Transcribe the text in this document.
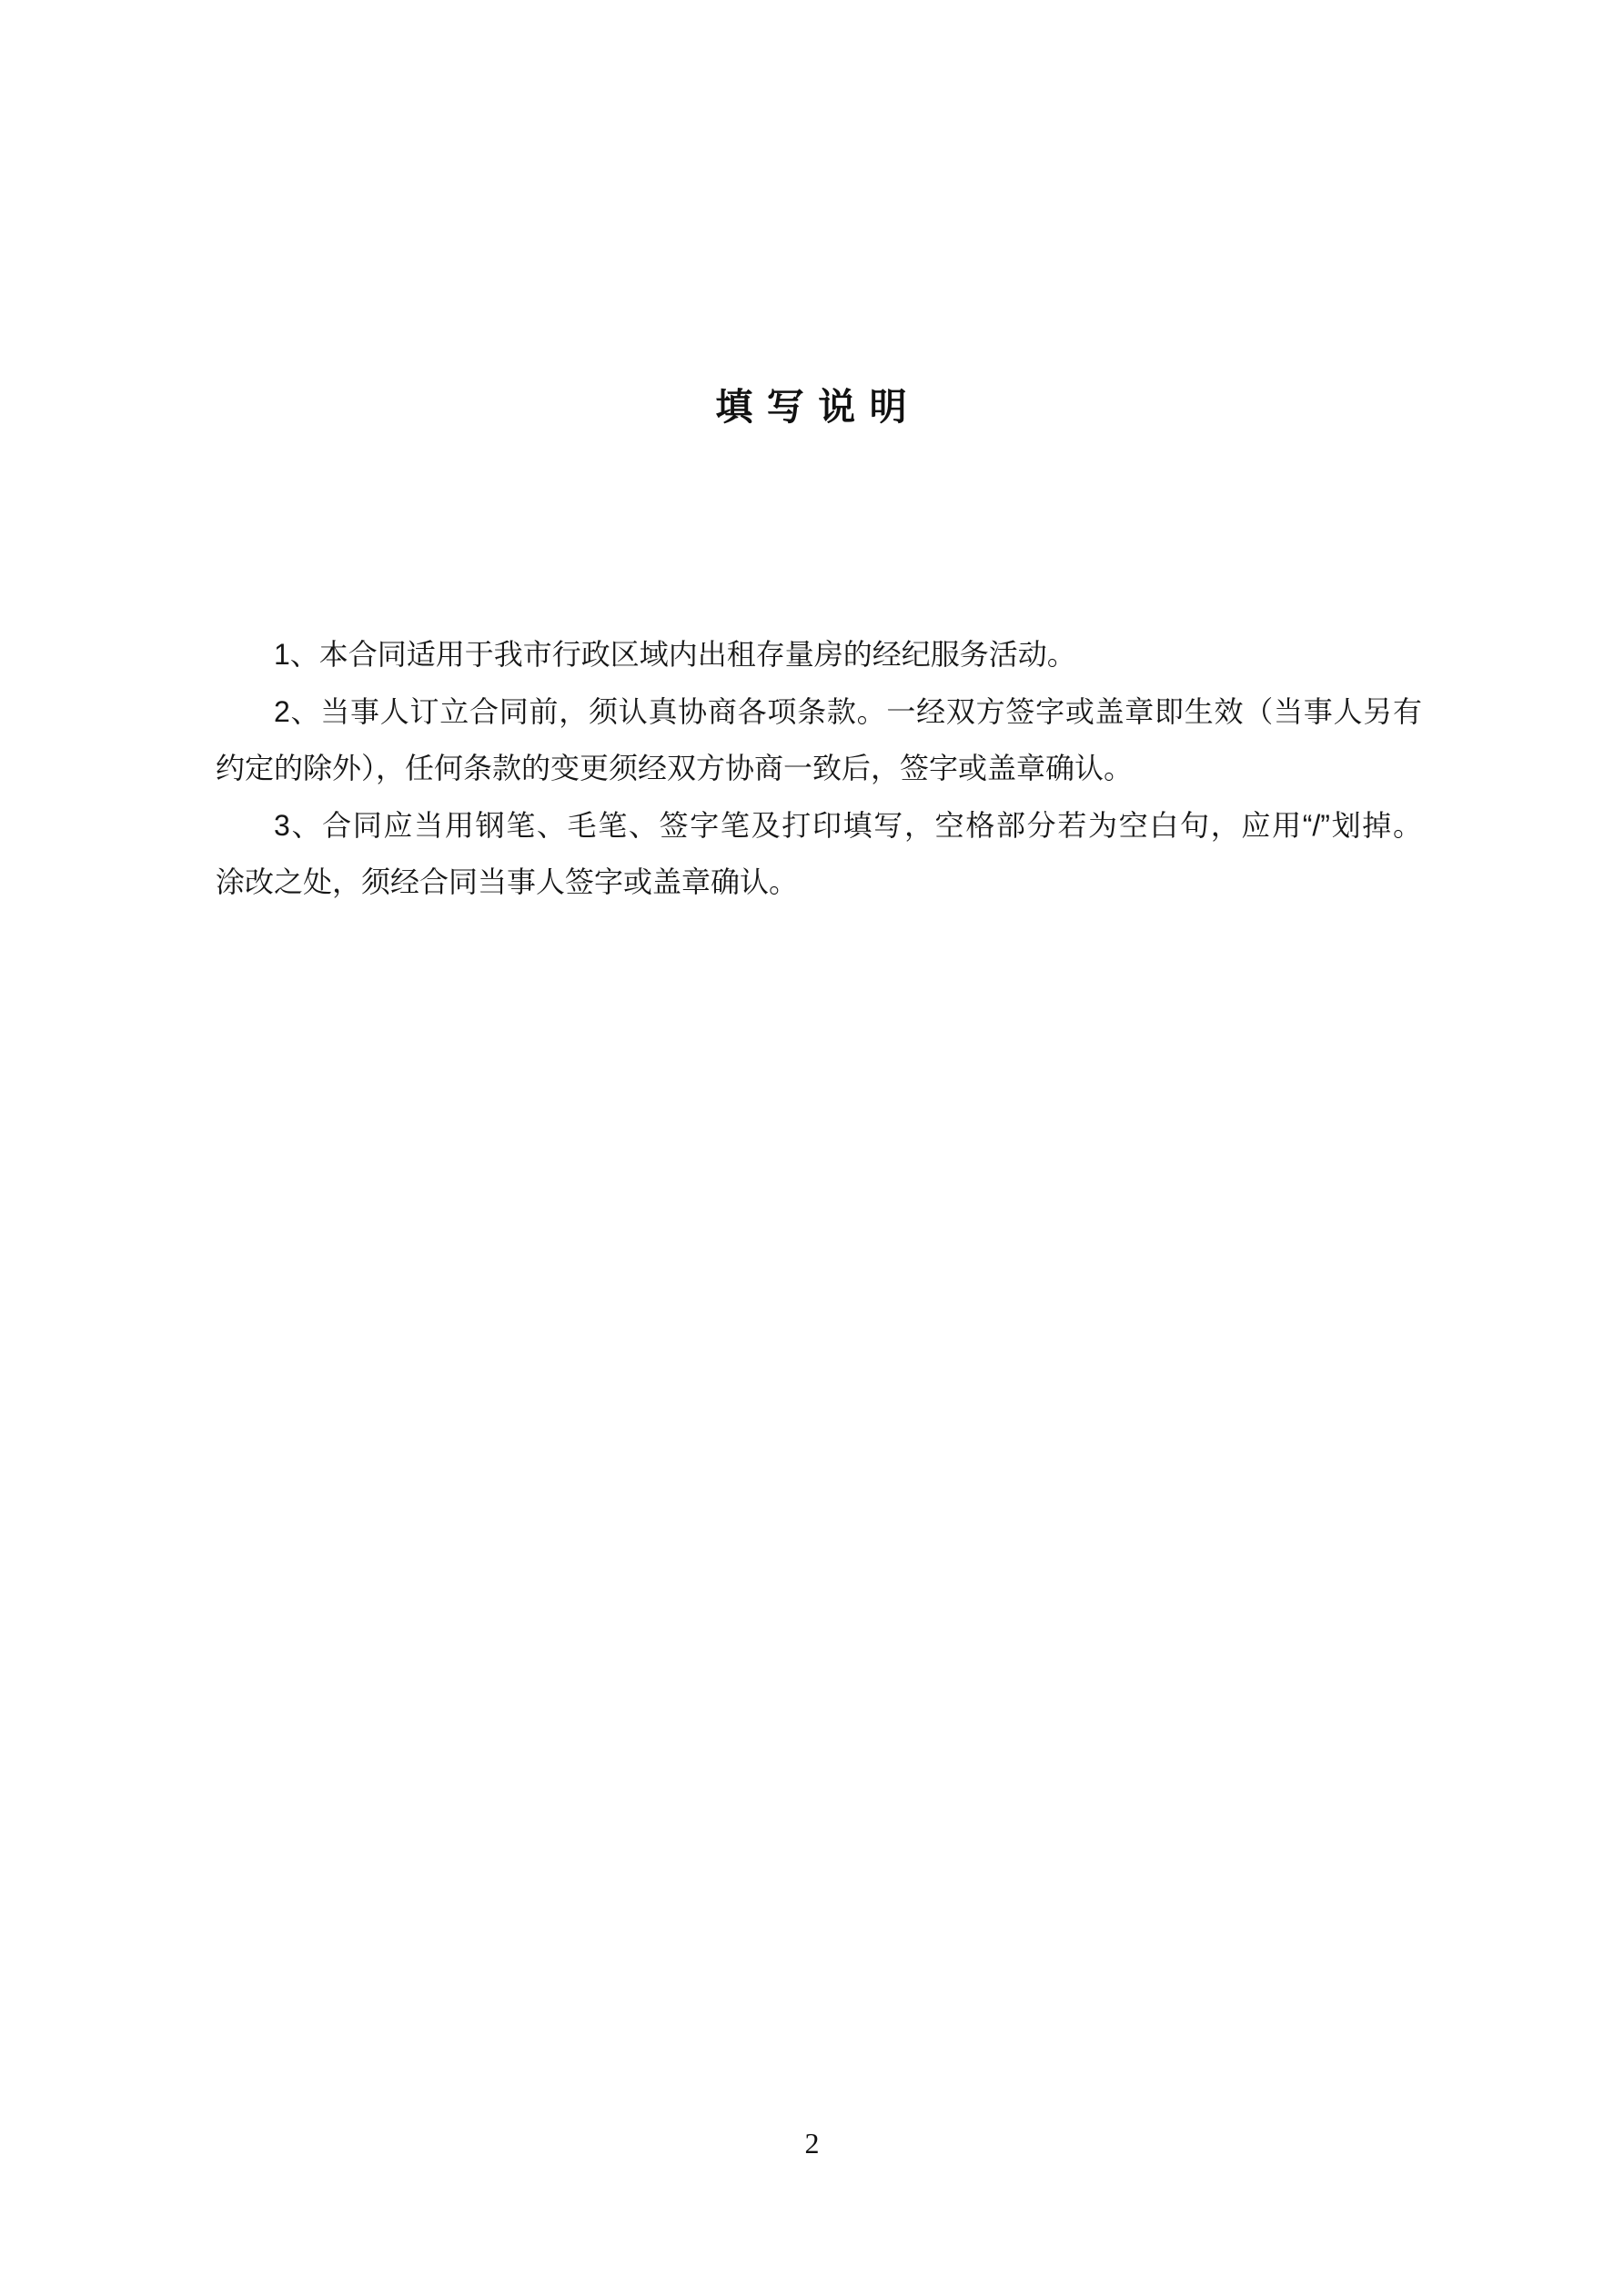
填 写 说 明

1、本合同适用于我市行政区域内出租存量房的经纪服务活动。

2、当事人订立合同前，须认真协商各项条款。一经双方签字或盖章即生效（当事人另有

约定的除外），任何条款的变更须经双方协商一致后，签字或盖章确认。

3、合同应当用钢笔、毛笔、签字笔及打印填写，空格部分若为空白句，应用“/”划掉。

涂改之处，须经合同当事人签字或盖章确认。

2
